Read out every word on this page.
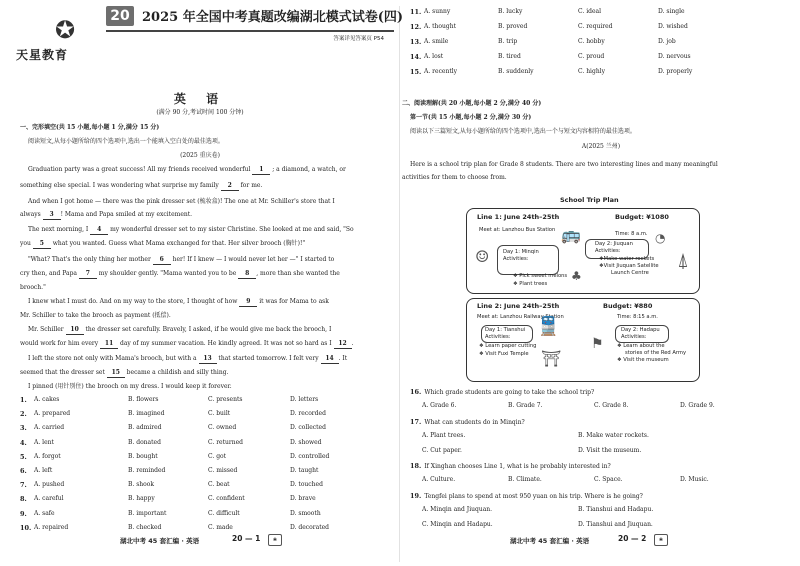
✪
天星教育
20 2025 年全国中考真题改编湖北模式试卷(四)
答案详见答案页 P54
英 语
(满分 90 分,考试时间 100 分钟)
一、完形填空(共 15 小题,每小题 1 分,满分 15 分)
阅读短文,从每小题所给的四个选项中,选出一个能填入空白处的最佳选项。
(2025 重庆卷)
Graduation party was a great success! All my friends received wonderful 1 ; a diamond, a watch, or
something else special. I was wondering what surprise my family 2 for me.
And when I got home — there was the pink dresser set (梳妆盒)! The one at Mr. Schiller's store that I
always 3 ! Mama and Papa smiled at my excitement.
The next morning, I 4 my wonderful dresser set to my sister Christine. She looked at me and said, "So
you 5 what you wanted. Guess what Mama exchanged for that. Her silver brooch (胸针)!"
"What? That's the only thing her mother 6 her! If I knew — I would never let her —" I started to
cry then, and Papa 7 my shoulder gently. "Mama wanted you to be 8 , more than she wanted the
brooch."
I knew what I must do. And on my way to the store, I thought of how 9 it was for Mama to ask
Mr. Schiller to take the brooch as payment (抵偿).
Mr. Schiller 10 the dresser set carefully. Bravely, I asked, if he would give me back the brooch, I
would work for him every 11 day of my summer vacation. He kindly agreed. It was not so hard as I 12 .
I left the store not only with Mama's brooch, but with a 13 that started tomorrow. I felt very 14 . It
seemed that the dresser set 15 became a childish and silly thing.
I pinned (用针别住) the brooch on my dress. I would keep it forever.
1. A. cakes	B. flowers	C. presents	D. letters
2. A. prepared	B. imagined	C. built	D. recorded
3. A. carried	B. admired	C. owned	D. collected
4. A. lent	B. donated	C. returned	D. showed
5. A. forgot	B. bought	C. got	D. controlled
6. A. left	B. reminded	C. missed	D. taught
7. A. pushed	B. shook	C. beat	D. touched
8. A. careful	B. happy	C. confident	D. brave
9. A. safe	B. important	C. difficult	D. smooth
10. A. repaired	B. checked	C. made	D. decorated
湖北中考 45 套汇编 · 英语	20 — 1	❀
11. A. sunny	B. lucky	C. ideal	D. single
12. A. thought	B. proved	C. required	D. wished
13. A. smile	B. trip	C. hobby	D. job
14. A. lost	B. tired	C. proud	D. nervous
15. A. recently	B. suddenly	C. highly	D. properly
二、阅读理解(共 20 小题,每小题 2 分,满分 40 分)
第一节(共 15 小题,每小题 2 分,满分 30 分)
阅读以下三篇短文,从每小题所给的四个选项中,选出一个与短文内容相符的最佳选项。
A(2025 兰州)
Here is a school trip plan for Grade 8 students. There are two interesting lines and many meaningful
activities for them to choose from.
16. Which grade students are going to take the school trip?
A. Grade 6.	B. Grade 7.	C. Grade 8.	D. Grade 9.
17. What can students do in Minqin?
A. Plant trees.	B. Make water rockets.
C. Cut paper.	D. Visit the museum.
18. If Xinghan chooses Line 1, what is he probably interested in?
A. Culture.	B. Climate.	C. Space.	D. Music.
19. Tengfei plans to spend at most 950 yuan on his trip. Where is he going?
A. Minqin and Jiuquan.	B. Tianshui and Hadapu.
C. Minqin and Hadapu.	D. Tianshui and Jiuquan.
湖北中考 45 套汇编 · 英语	20 — 2	❀
School Trip Plan
Line 1: June 24th–25th	Budget: ¥1080
Meet at: Lanzhou Bus Station
Time: 8 a.m.
🚌	◔
Day 1: Minqin
Activities:
❖ Pick sweet melons
❖ Plant trees
☺
♣
Day 2: Jiuquan
Activities:
❖Make water rockets
❖Visit Jiuquan Satellite
Launch Centre
⍋
Line 2: June 24th–25th	Budget: ¥880
Meet at: Lanzhou Railway Station	Time: 8:15 a.m.
Day 1: Tianshui
Activities:
❖ Learn paper cutting
❖ Visit Fuxi Temple
🚆
⛩
Day 2: Hadapu
Activities:
❖ Learn about the
stories of the Red Army
❖ Visit the museum
⚑
